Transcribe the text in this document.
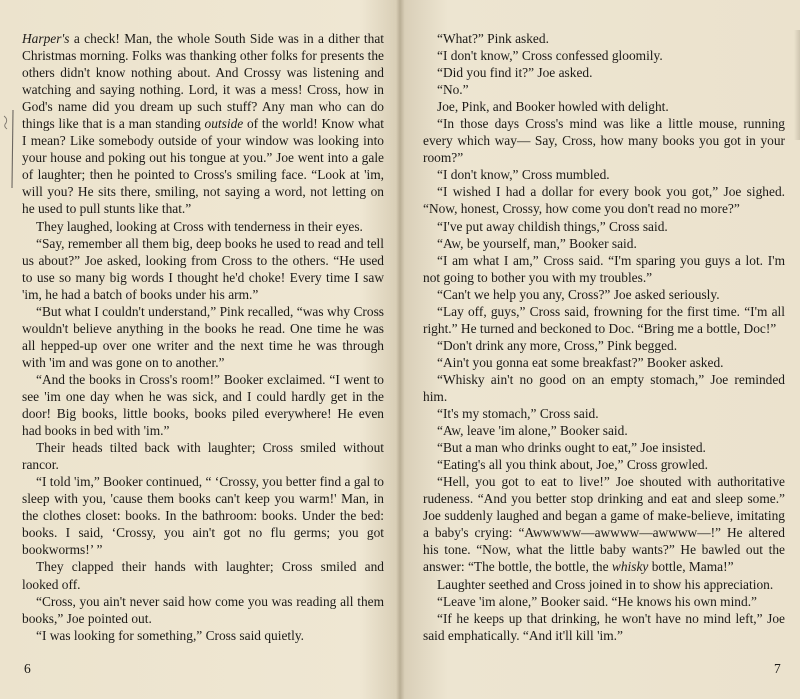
Harper's a check! Man, the whole South Side was in a dither that Christmas morning. Folks was thanking other folks for presents the others didn't know nothing about. And Crossy was listening and watching and saying nothing. Lord, it was a mess! Cross, how in God's name did you dream up such stuff? Any man who can do things like that is a man standing outside of the world! Know what I mean? Like somebody outside of your window was looking into your house and poking out his tongue at you.” Joe went into a gale of laughter; then he pointed to Cross's smiling face. “Look at 'im, will you? He sits there, smiling, not saying a word, not letting on he used to pull stunts like that.”

They laughed, looking at Cross with tenderness in their eyes.

“Say, remember all them big, deep books he used to read and tell us about?” Joe asked, looking from Cross to the others. “He used to use so many big words I thought he'd choke! Every time I saw 'im, he had a batch of books under his arm.”

“But what I couldn't understand,” Pink recalled, “was why Cross wouldn't believe anything in the books he read. One time he was all hepped-up over one writer and the next time he was through with 'im and was gone on to another.”

“And the books in Cross's room!” Booker exclaimed. “I went to see 'im one day when he was sick, and I could hardly get in the door! Big books, little books, books piled everywhere! He even had books in bed with 'im.”

Their heads tilted back with laughter; Cross smiled without rancor.

“I told 'im,” Booker continued, “ ‘Crossy, you better find a gal to sleep with you, 'cause them books can't keep you warm!' Man, in the clothes closet: books. In the bathroom: books. Under the bed: books. I said, ‘Crossy, you ain't got no flu germs; you got bookworms!’ ”

They clapped their hands with laughter; Cross smiled and looked off.

“Cross, you ain't never said how come you was reading all them books,” Joe pointed out.

“I was looking for something,” Cross said quietly.

6

“What?” Pink asked.

“I don't know,” Cross confessed gloomily.

“Did you find it?” Joe asked.

“No.”

Joe, Pink, and Booker howled with delight.

“In those days Cross's mind was like a little mouse, running every which way— Say, Cross, how many books you got in your room?”

“I don't know,” Cross mumbled.

“I wished I had a dollar for every book you got,” Joe sighed. “Now, honest, Crossy, how come you don't read no more?”

“I've put away childish things,” Cross said.

“Aw, be yourself, man,” Booker said.

“I am what I am,” Cross said. “I'm sparing you guys a lot. I'm not going to bother you with my troubles.”

“Can't we help you any, Cross?” Joe asked seriously.

“Lay off, guys,” Cross said, frowning for the first time. “I'm all right.” He turned and beckoned to Doc. “Bring me a bottle, Doc!”

“Don't drink any more, Cross,” Pink begged.

“Ain't you gonna eat some breakfast?” Booker asked.

“Whisky ain't no good on an empty stomach,” Joe reminded him.

“It's my stomach,” Cross said.

“Aw, leave 'im alone,” Booker said.

“But a man who drinks ought to eat,” Joe insisted.

“Eating's all you think about, Joe,” Cross growled.

“Hell, you got to eat to live!” Joe shouted with authoritative rudeness. “And you better stop drinking and eat and sleep some.” Joe suddenly laughed and began a game of make-believe, imitating a baby's crying: “Awwwww—awwww—awwww—!” He altered his tone. “Now, what the little baby wants?” He bawled out the answer: “The bottle, the bottle, the whisky bottle, Mama!”

Laughter seethed and Cross joined in to show his appreciation.

“Leave 'im alone,” Booker said. “He knows his own mind.”

“If he keeps up that drinking, he won't have no mind left,” Joe said emphatically. “And it'll kill 'im.”

7
